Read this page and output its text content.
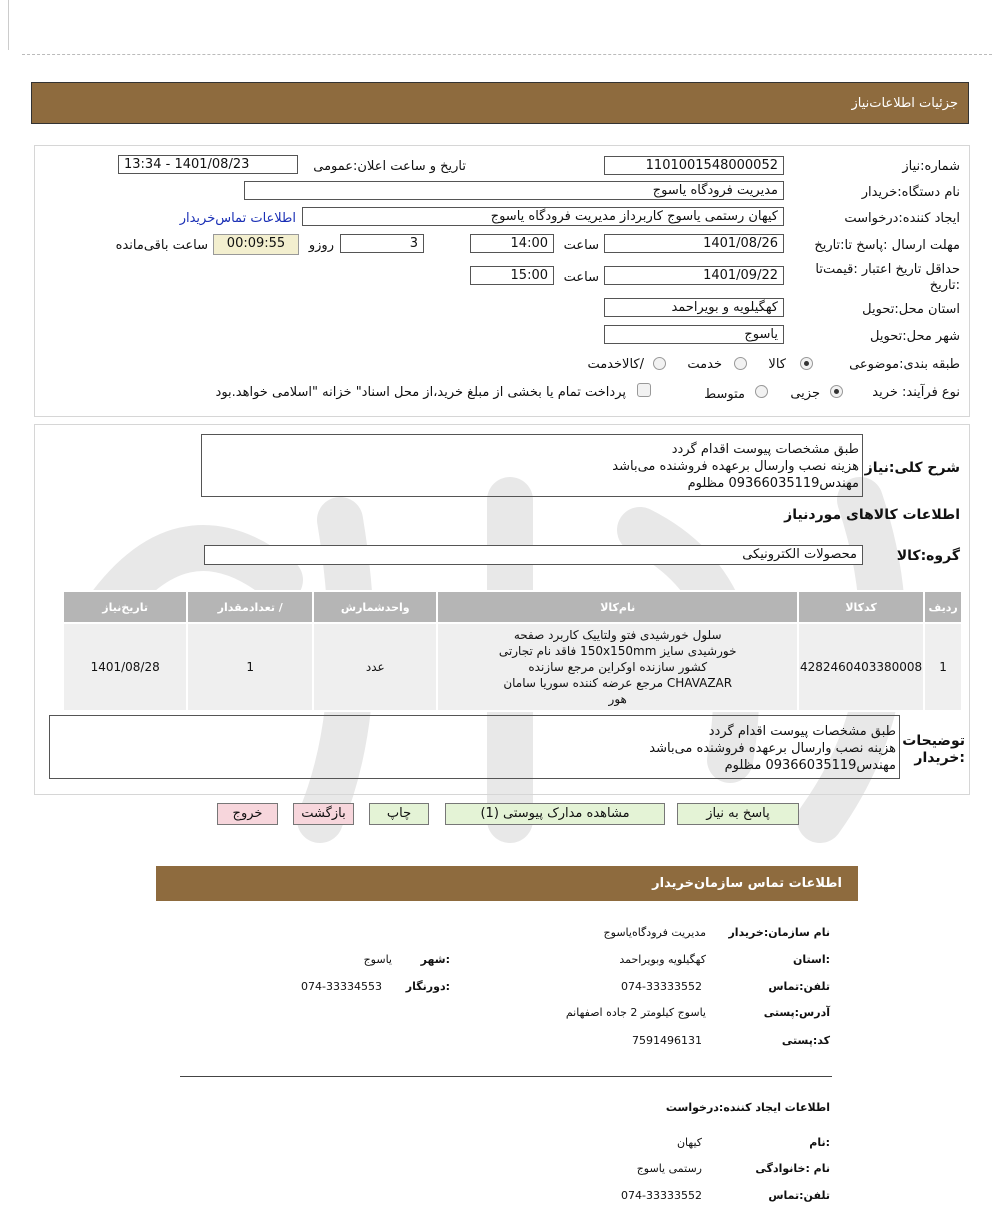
جزئیات اطلاعات‌نیاز
شماره:نیاز
1101001548000052
تاریخ و ساعت اعلان:عمومی
1401/08/23 - 13:34
نام دستگاه:خریدار
مدیریت فرودگاه یاسوج
ایجاد کننده:درخواست
کیهان رستمی یاسوج کاربرداز مدیریت فرودگاه یاسوج
اطلاعات تماس‌خریدار
مهلت ارسال :پاسخ تا:تاریخ
1401/08/26
ساعت
14:00
3
روزو
00:09:55
ساعت باقی‌مانده
حداقل تاریخ اعتبار :قیمت‌تا
:تاریخ
1401/09/22
ساعت
15:00
استان محل:تحویل
کهگیلویه و بویراحمد
شهر محل:تحویل
یاسوج
طبقه بندی:موضوعی
کالا
خدمت
/کالاخدمت
نوع فرآیند: خرید
جزیی
متوسط
پرداخت تمام یا بخشی از مبلغ خرید،از محل اسناد" خزانه "اسلامی خواهد.بود
شرح کلی:نیاز
طبق مشخصات پیوست اقدام گردد
هزینه نصب وارسال برعهده فروشنده می‌باشد
مهندس09366035119 مظلوم
اطلاعات کالاهای موردنیاز
گروه:کالا
محصولات الکترونیکی
ردیف	کدکالا	نام‌کالا	واحدشمارش	/ تعدادمقدار	تاریخ‌نیاز
1	4282460403380008	سلول خورشیدی فتو ولتاییک کاربرد صفحه خورشیدی سایز 150x150mm فاقد نام تجارتی کشور سازنده اوکراین مرجع سازنده CHAVAZAR مرجع عرضه کننده سوریا سامان هور	عدد	1	1401/08/28
توضیحات
:خریدار
طبق مشخصات پیوست اقدام گردد
هزینه نصب وارسال برعهده فروشنده می‌باشد
مهندس09366035119 مظلوم
پاسخ به نیاز
مشاهده مدارک پیوستی (1)
چاپ
بازگشت
خروج
اطلاعات تماس سازمان‌خریدار
نام سازمان:خریدار
مدیریت فرودگاه‌یاسوج
:استان
کهگیلویه وبویراحمد
:شهر
یاسوج
تلفن:تماس
074-33333552
:دورنگار
074-33334553
آدرس:پستی
یاسوج کیلومتر 2 جاده اصفهانم
کد:پستی
7591496131
اطلاعات ایجاد کننده:درخواست
:نام
کیهان
نام :خانوادگی
رستمی یاسوج
تلفن:تماس
074-33333552
